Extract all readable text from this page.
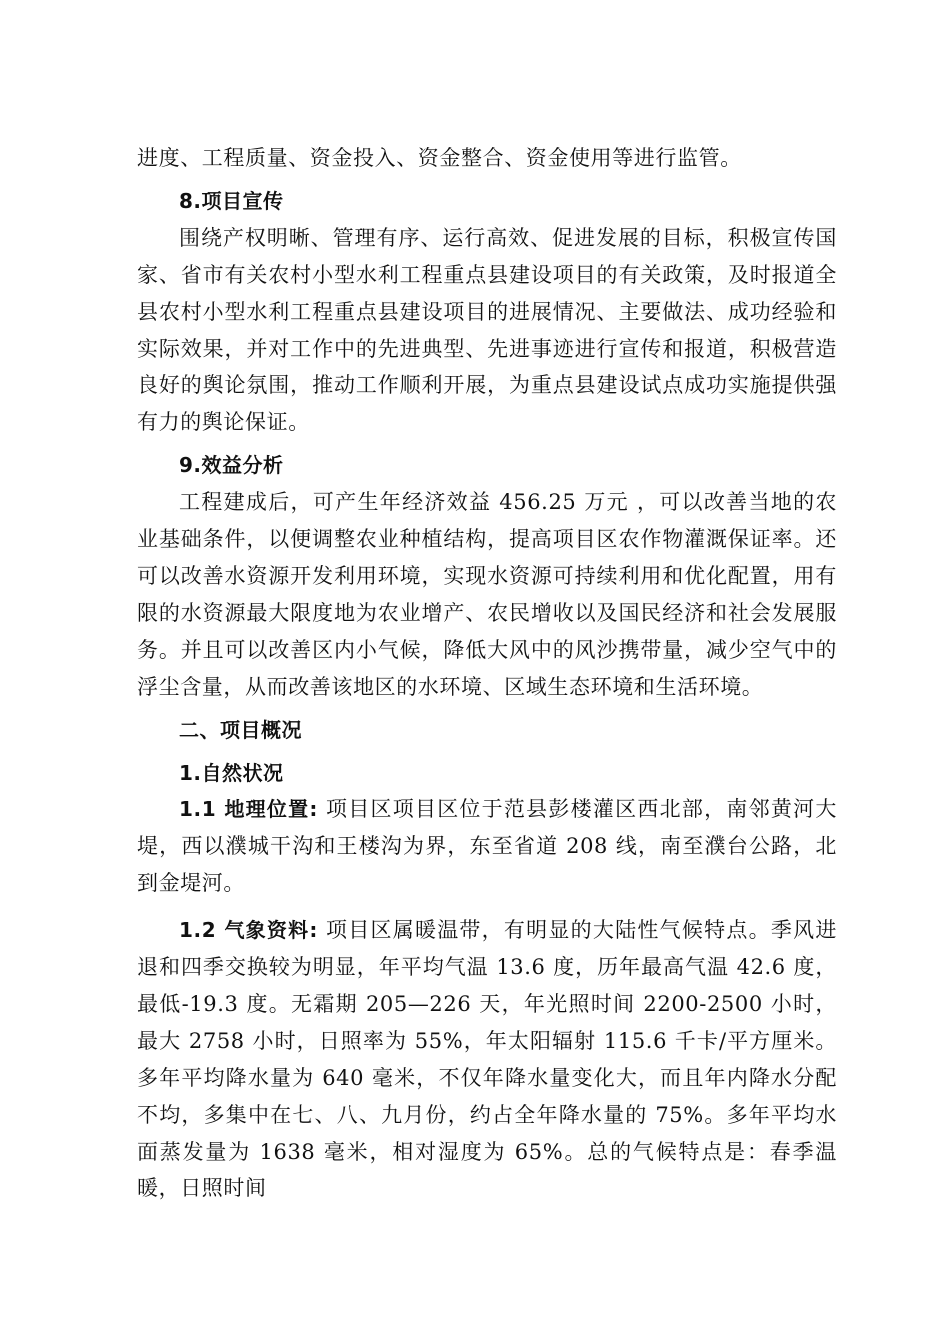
进度、工程质量、资金投入、资金整合、资金使用等进行监管。

8.项目宣传

围绕产权明晰、管理有序、运行高效、促进发展的目标，积极宣传国家、省市有关农村小型水利工程重点县建设项目的有关政策，及时报道全县农村小型水利工程重点县建设项目的进展情况、主要做法、成功经验和实际效果，并对工作中的先进典型、先进事迹进行宣传和报道，积极营造良好的舆论氛围，推动工作顺利开展，为重点县建设试点成功实施提供强有力的舆论保证。

9.效益分析

工程建成后，可产生年经济效益 456.25 万元 ，可以改善当地的农业基础条件，以便调整农业种植结构，提高项目区农作物灌溉保证率。还可以改善水资源开发利用环境，实现水资源可持续利用和优化配置，用有限的水资源最大限度地为农业增产、农民增收以及国民经济和社会发展服务。并且可以改善区内小气候，降低大风中的风沙携带量，减少空气中的浮尘含量，从而改善该地区的水环境、区域生态环境和生活环境。

二、项目概况

1.自然状况

1.1 地理位置: 项目区项目区位于范县彭楼灌区西北部，南邻黄河大堤，西以濮城干沟和王楼沟为界，东至省道 208 线，南至濮台公路，北到金堤河。

1.2 气象资料: 项目区属暖温带，有明显的大陆性气候特点。季风进退和四季交换较为明显，年平均气温 13.6 度，历年最高气温 42.6 度，最低-19.3 度。无霜期 205—226 天，年光照时间 2200-2500 小时，最大 2758 小时，日照率为 55%，年太阳辐射 115.6 千卡/平方厘米。多年平均降水量为 640 毫米，不仅年降水量变化大，而且年内降水分配不均，多集中在七、八、九月份，约占全年降水量的 75%。多年平均水面蒸发量为 1638 毫米，相对湿度为 65%。总的气候特点是：春季温暖，日照时间
